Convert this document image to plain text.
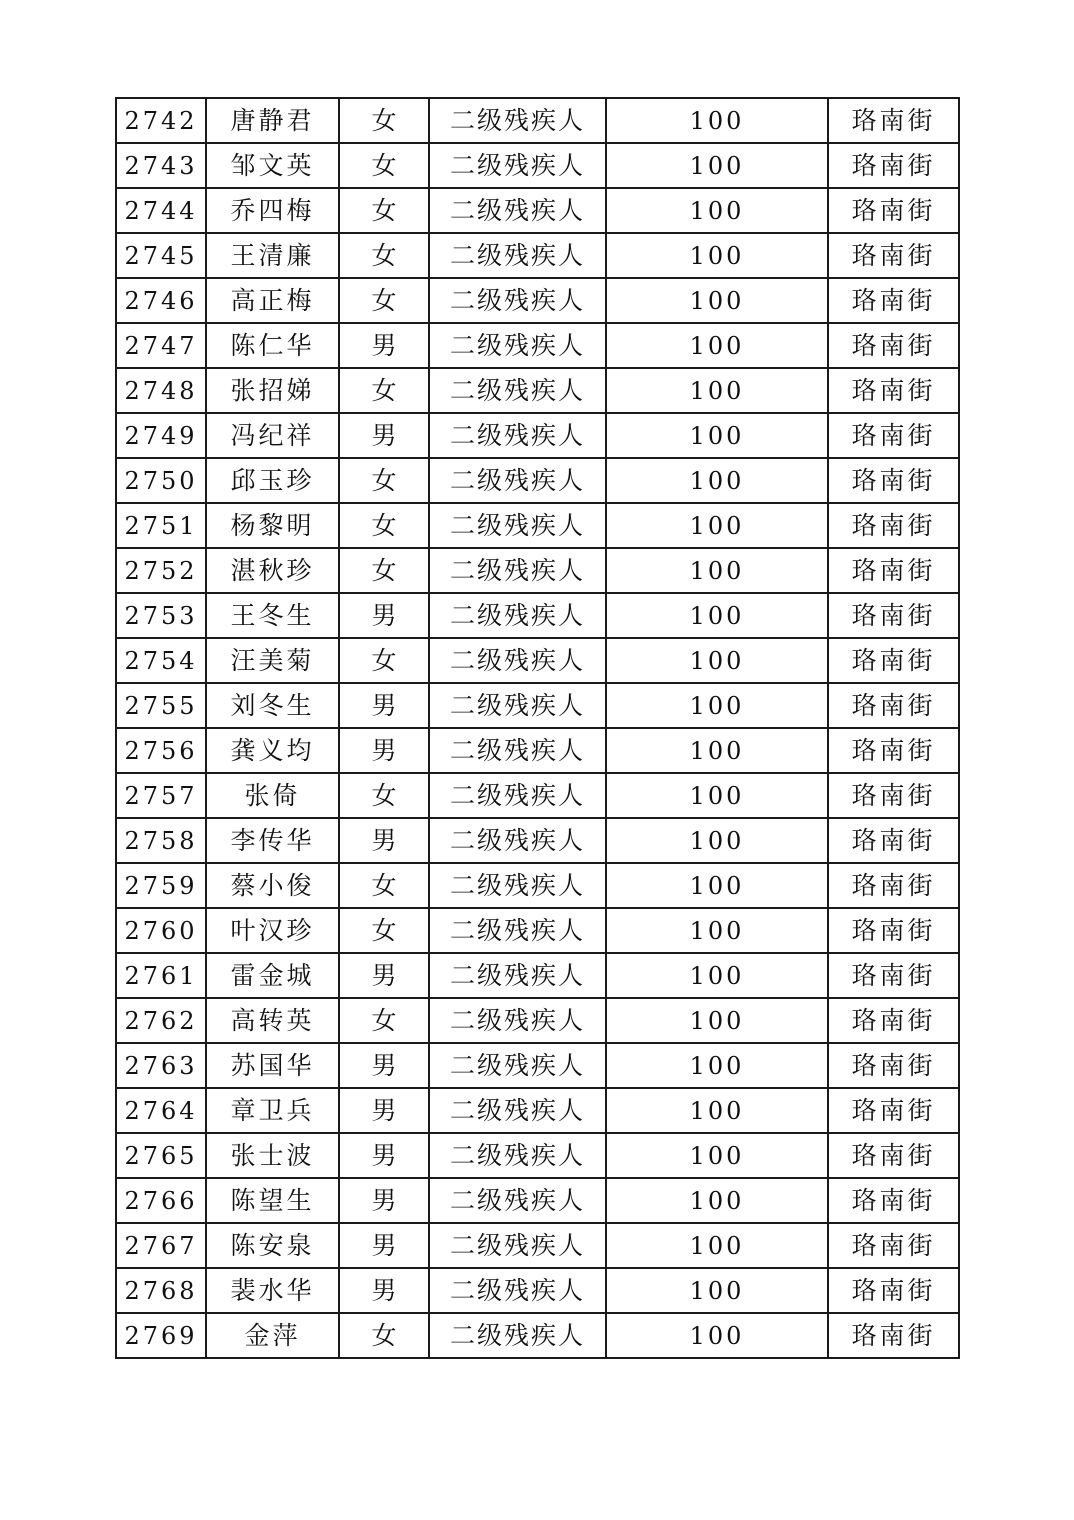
2742	唐静君	女	二级残疾人	100	珞南街
2743	邹文英	女	二级残疾人	100	珞南街
2744	乔四梅	女	二级残疾人	100	珞南街
2745	王清廉	女	二级残疾人	100	珞南街
2746	高正梅	女	二级残疾人	100	珞南街
2747	陈仁华	男	二级残疾人	100	珞南街
2748	张招娣	女	二级残疾人	100	珞南街
2749	冯纪祥	男	二级残疾人	100	珞南街
2750	邱玉珍	女	二级残疾人	100	珞南街
2751	杨黎明	女	二级残疾人	100	珞南街
2752	湛秋珍	女	二级残疾人	100	珞南街
2753	王冬生	男	二级残疾人	100	珞南街
2754	汪美菊	女	二级残疾人	100	珞南街
2755	刘冬生	男	二级残疾人	100	珞南街
2756	龚义均	男	二级残疾人	100	珞南街
2757	张倚	女	二级残疾人	100	珞南街
2758	李传华	男	二级残疾人	100	珞南街
2759	蔡小俊	女	二级残疾人	100	珞南街
2760	叶汉珍	女	二级残疾人	100	珞南街
2761	雷金城	男	二级残疾人	100	珞南街
2762	高转英	女	二级残疾人	100	珞南街
2763	苏国华	男	二级残疾人	100	珞南街
2764	章卫兵	男	二级残疾人	100	珞南街
2765	张士波	男	二级残疾人	100	珞南街
2766	陈望生	男	二级残疾人	100	珞南街
2767	陈安泉	男	二级残疾人	100	珞南街
2768	裴水华	男	二级残疾人	100	珞南街
2769	金萍	女	二级残疾人	100	珞南街
